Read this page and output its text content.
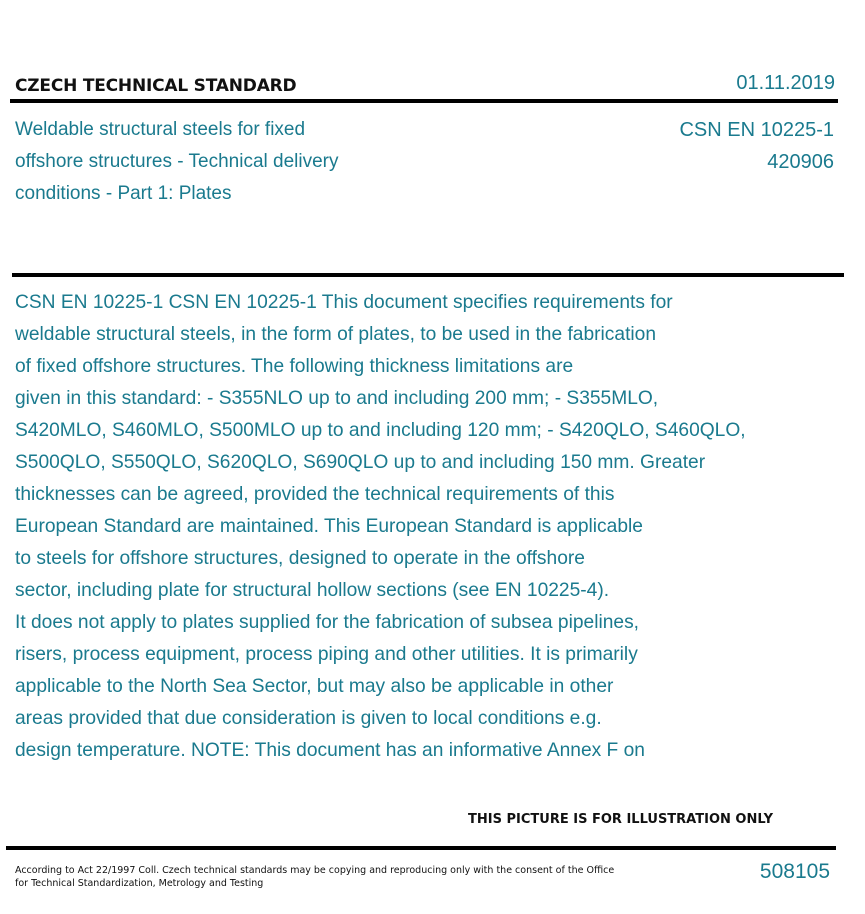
CZECH TECHNICAL STANDARD	01.11.2019
Weldable structural steels for fixed
offshore structures - Technical delivery
conditions - Part 1: Plates
CSN EN 10225-1
420906
CSN EN 10225-1 CSN EN 10225-1 This document specifies requirements for
weldable structural steels, in the form of plates, to be used in the fabrication
of fixed offshore structures. The following thickness limitations are
given in this standard: - S355NLO up to and including 200 mm; - S355MLO,
S420MLO, S460MLO, S500MLO up to and including 120 mm; - S420QLO, S460QLO,
S500QLO, S550QLO, S620QLO, S690QLO up to and including 150 mm. Greater
thicknesses can be agreed, provided the technical requirements of this
European Standard are maintained. This European Standard is applicable
to steels for offshore structures, designed to operate in the offshore
sector, including plate for structural hollow sections (see EN 10225-4).
It does not apply to plates supplied for the fabrication of subsea pipelines,
risers, process equipment, process piping and other utilities. It is primarily
applicable to the North Sea Sector, but may also be applicable in other
areas provided that due consideration is given to local conditions e.g.
design temperature. NOTE: This document has an informative Annex F on
THIS PICTURE IS FOR ILLUSTRATION ONLY
According to Act 22/1997 Coll. Czech technical standards may be copying and reproducing only with the consent of the Office
for Technical Standardization, Metrology and Testing
508105
